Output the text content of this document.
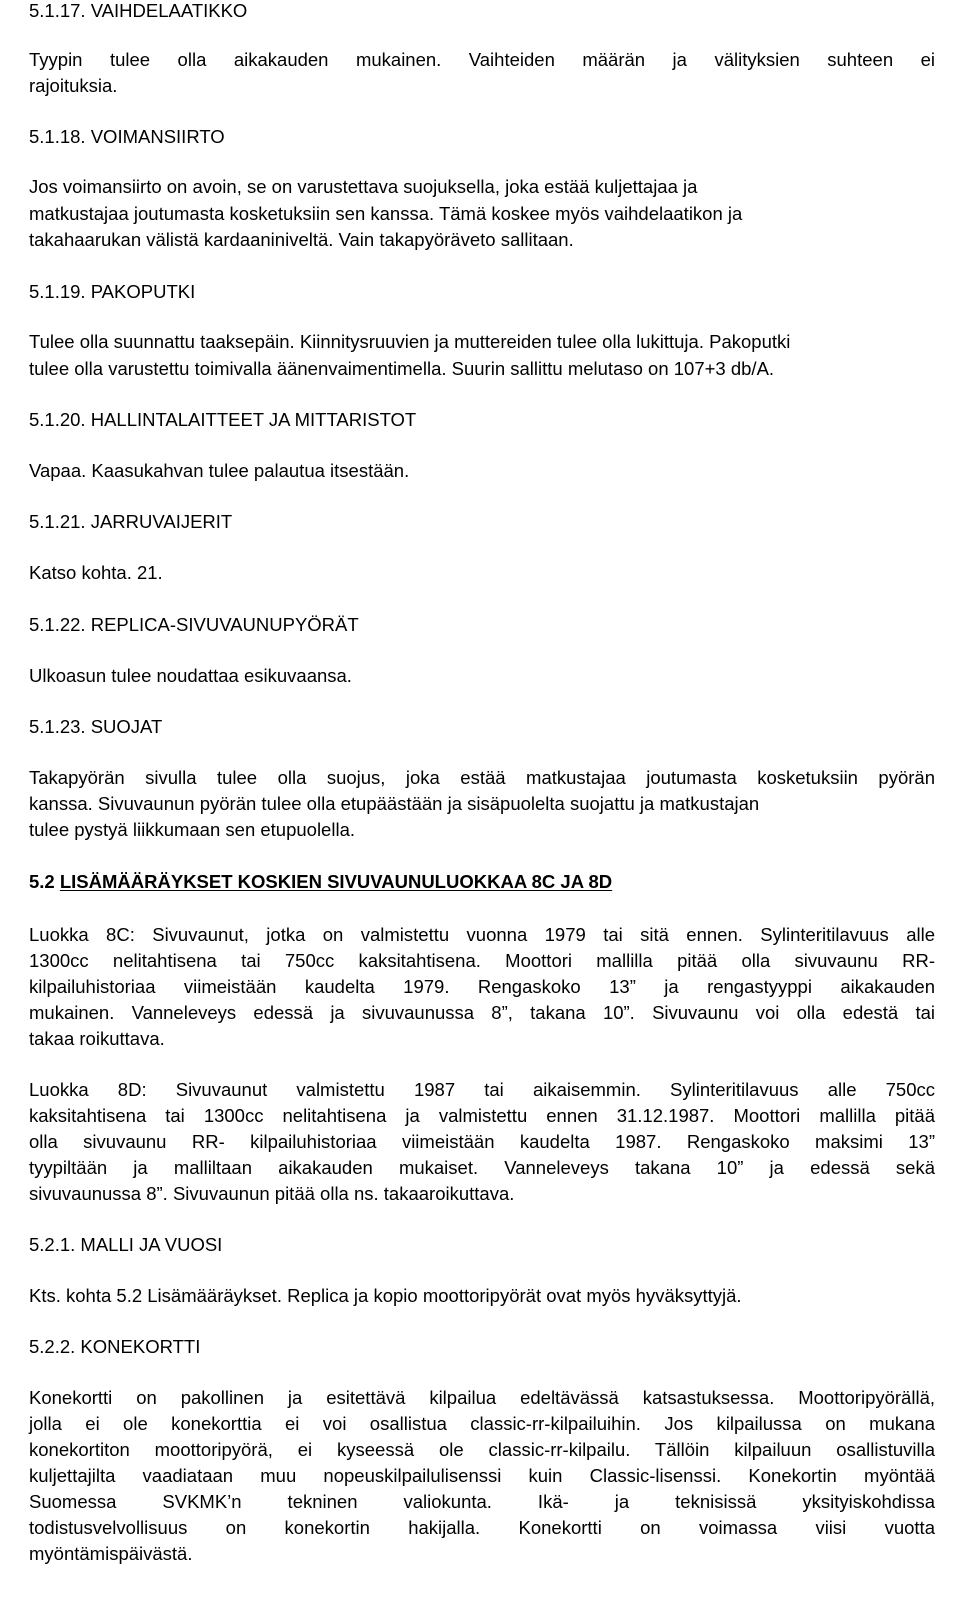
5.1.17. VAIHDELAATIKKO
Tyypin tulee olla aikakauden mukainen. Vaihteiden määrän ja välityksien suhteen ei
rajoituksia.
5.1.18. VOIMANSIIRTO
Jos voimansiirto on avoin, se on varustettava suojuksella, joka estää kuljettajaa ja
matkustajaa joutumasta kosketuksiin sen kanssa. Tämä koskee myös vaihdelaatikon ja
takahaarukan välistä kardaaniniveltä. Vain takapyöräveto sallitaan.
5.1.19. PAKOPUTKI
Tulee olla suunnattu taaksepäin. Kiinnitysruuvien ja muttereiden tulee olla lukittuja. Pakoputki
tulee olla varustettu toimivalla äänenvaimentimella. Suurin sallittu melutaso on 107+3 db/A.
5.1.20. HALLINTALAITTEET JA MITTARISTOT
Vapaa. Kaasukahvan tulee palautua itsestään.
5.1.21. JARRUVAIJERIT
Katso kohta. 21.
5.1.22. REPLICA-SIVUVAUNUPYÖRÄT
Ulkoasun tulee noudattaa esikuvaansa.
5.1.23. SUOJAT
Takapyörän sivulla tulee olla suojus, joka estää matkustajaa joutumasta kosketuksiin pyörän
kanssa. Sivuvaunun pyörän tulee olla etupäästään ja sisäpuolelta suojattu ja matkustajan
tulee pystyä liikkumaan sen etupuolella.
5.2 LISÄMÄÄRÄYKSET KOSKIEN SIVUVAUNULUOKKAA 8C JA 8D
Luokka 8C: Sivuvaunut, jotka on valmistettu vuonna 1979 tai sitä ennen. Sylinteritilavuus alle
1300cc nelitahtisena tai 750cc kaksitahtisena. Moottori mallilla pitää olla sivuvaunu RR-
kilpailuhistoriaa viimeistään kaudelta 1979. Rengaskoko 13” ja rengastyyppi aikakauden
mukainen. Vanneleveys edessä ja sivuvaunussa 8”, takana 10”. Sivuvaunu voi olla edestä tai
takaa roikuttava.
Luokka 8D: Sivuvaunut valmistettu 1987 tai aikaisemmin. Sylinteritilavuus alle 750cc
kaksitahtisena tai 1300cc nelitahtisena ja valmistettu ennen 31.12.1987. Moottori mallilla pitää
olla sivuvaunu RR- kilpailuhistoriaa viimeistään kaudelta 1987. Rengaskoko maksimi 13”
tyypiltään ja malliltaan aikakauden mukaiset. Vanneleveys takana 10” ja edessä sekä
sivuvaunussa 8”. Sivuvaunun pitää olla ns. takaaroikuttava.
5.2.1. MALLI JA VUOSI
Kts. kohta 5.2 Lisämääräykset. Replica ja kopio moottoripyörät ovat myös hyväksyttyjä.
5.2.2. KONEKORTTI
Konekortti on pakollinen ja esitettävä kilpailua edeltävässä katsastuksessa. Moottoripyörällä,
jolla ei ole konekorttia ei voi osallistua classic-rr-kilpailuihin. Jos kilpailussa on mukana
konekortiton moottoripyörä, ei kyseessä ole classic-rr-kilpailu. Tällöin kilpailuun osallistuvilla
kuljettajilta vaadiataan muu nopeuskilpailulisenssi kuin Classic-lisenssi. Konekortin myöntää
Suomessa SVKMK’n tekninen valiokunta. Ikä- ja teknisissä yksityiskohdissa
todistusvelvollisuus on konekortin hakijalla. Konekortti on voimassa viisi vuotta
myöntämispäivästä.
